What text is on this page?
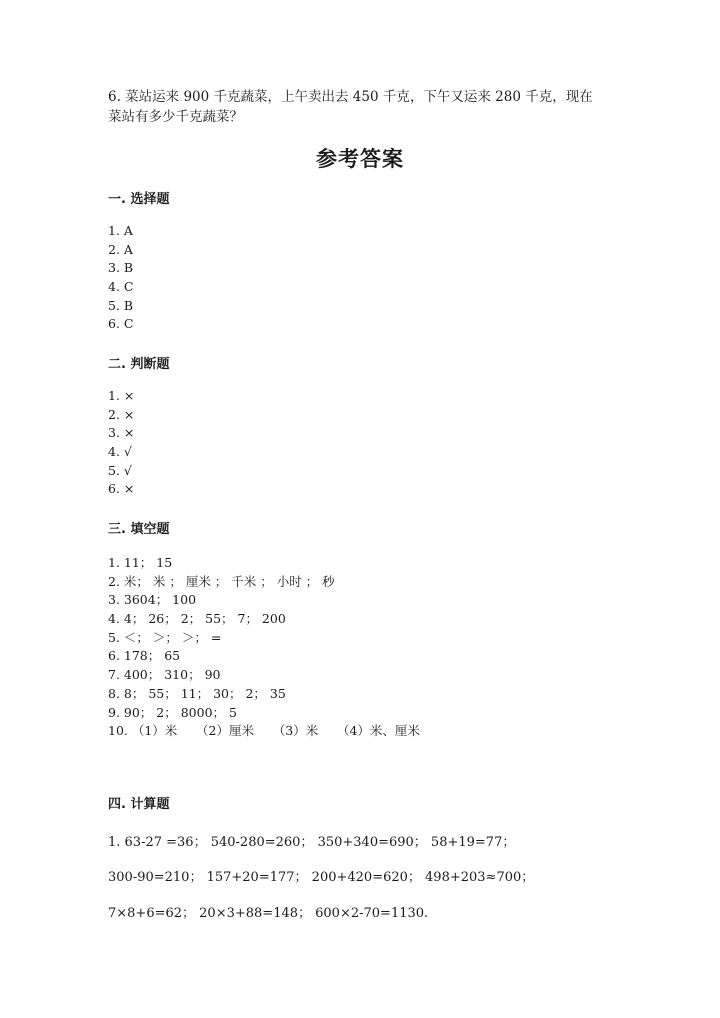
6. 菜站运来 900 千克蔬菜，上午卖出去 450 千克，下午又运来 280 千克，现在
菜站有多少千克蔬菜？
参考答案
一. 选择题
1. A
2. A
3. B
4. C
5. B
6. C
二. 判断题
1. ×
2. ×
3. ×
4. √
5. √
6. ×
三. 填空题
1. 11； 15
2. 米； 米 ； 厘米 ； 千米 ； 小时 ； 秒
3. 3604； 100
4. 4； 26； 2； 55； 7； 200
5. ＜； ＞； ＞； =
6. 178； 65
7. 400； 310； 90
8. 8； 55； 11； 30； 2； 35
9. 90； 2； 8000； 5
10. （1）米　　（2）厘米　　（3）米　　（4）米、厘米
四. 计算题
1. 63-27 =36； 540-280=260； 350+340=690； 58+19=77；
300-90=210； 157+20=177； 200+420=620； 498+203≈700；
7×8+6=62； 20×3+88=148； 600×2-70=1130.
